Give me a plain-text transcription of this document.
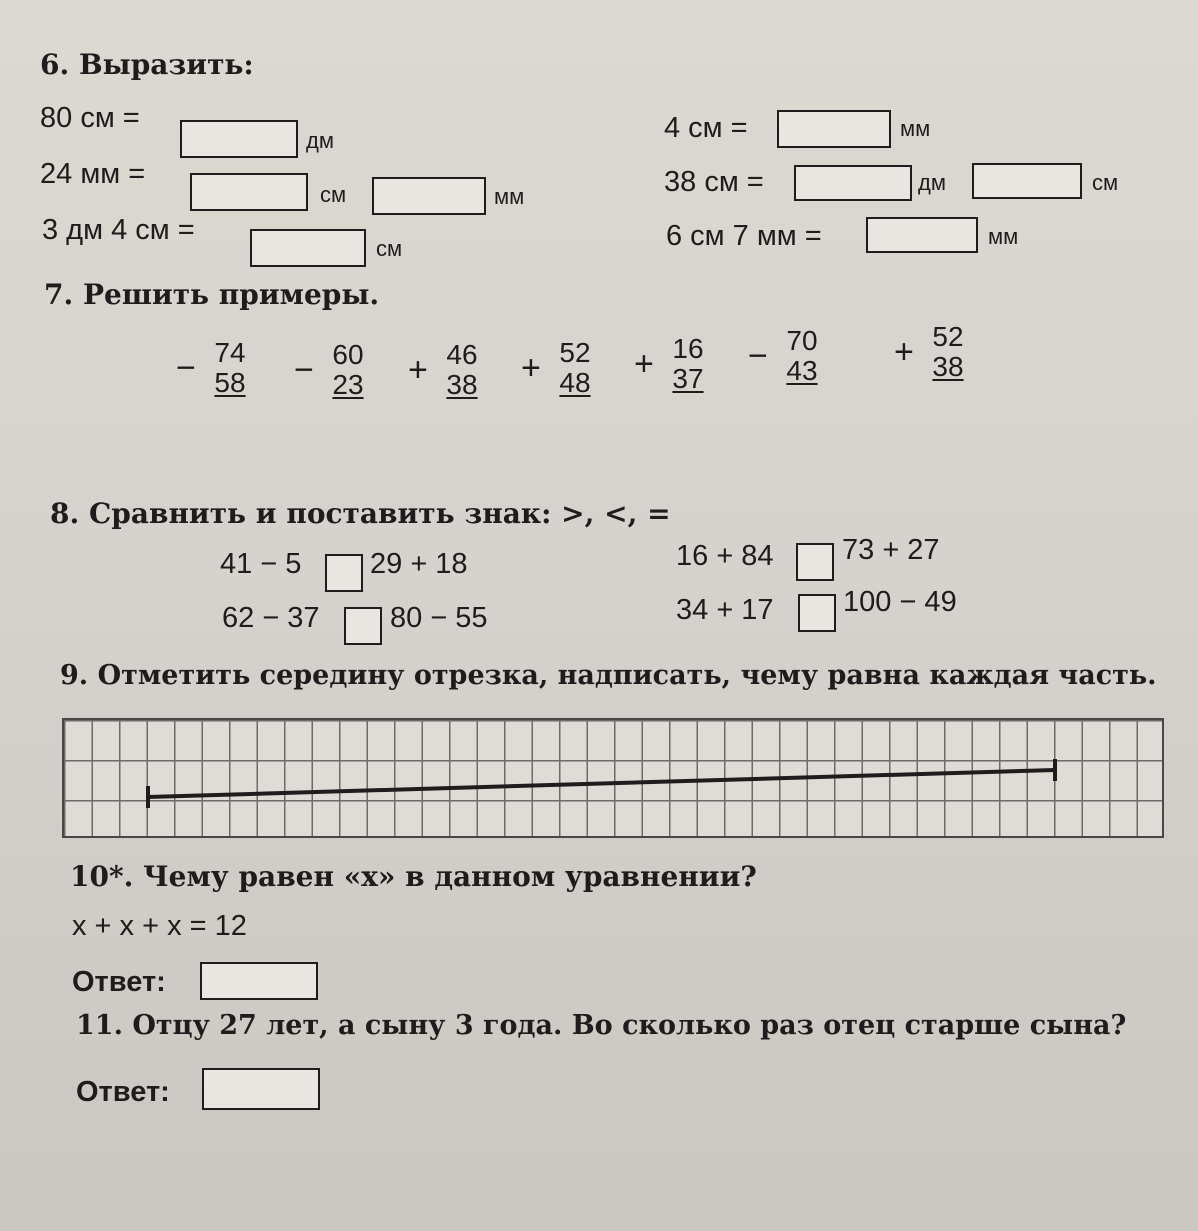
6. Выразить:
80 см =
дм
24 мм =
см	мм
3 дм 4 см =
см
4 см =	мм
38 см =	дм	см
6 см 7 мм =	мм
7. Решить примеры.
74
− 58
60
− 23
46
+ 38
52
+ 48
16
+ 37
70
− 43
52
+ 38
8. Сравнить и поставить знак: >, <, =
41 − 5 29 + 18
62 − 37 80 − 55
16 + 84 73 + 27
34 + 17 100 − 49
9. Отметить середину отрезка, надписать, чему равна каждая часть.
10*. Чему равен «х» в данном уравнении?
х + х + х = 12
Ответ:
11. Отцу 27 лет, а сыну 3 года. Во сколько раз отец старше сына?
Ответ:
